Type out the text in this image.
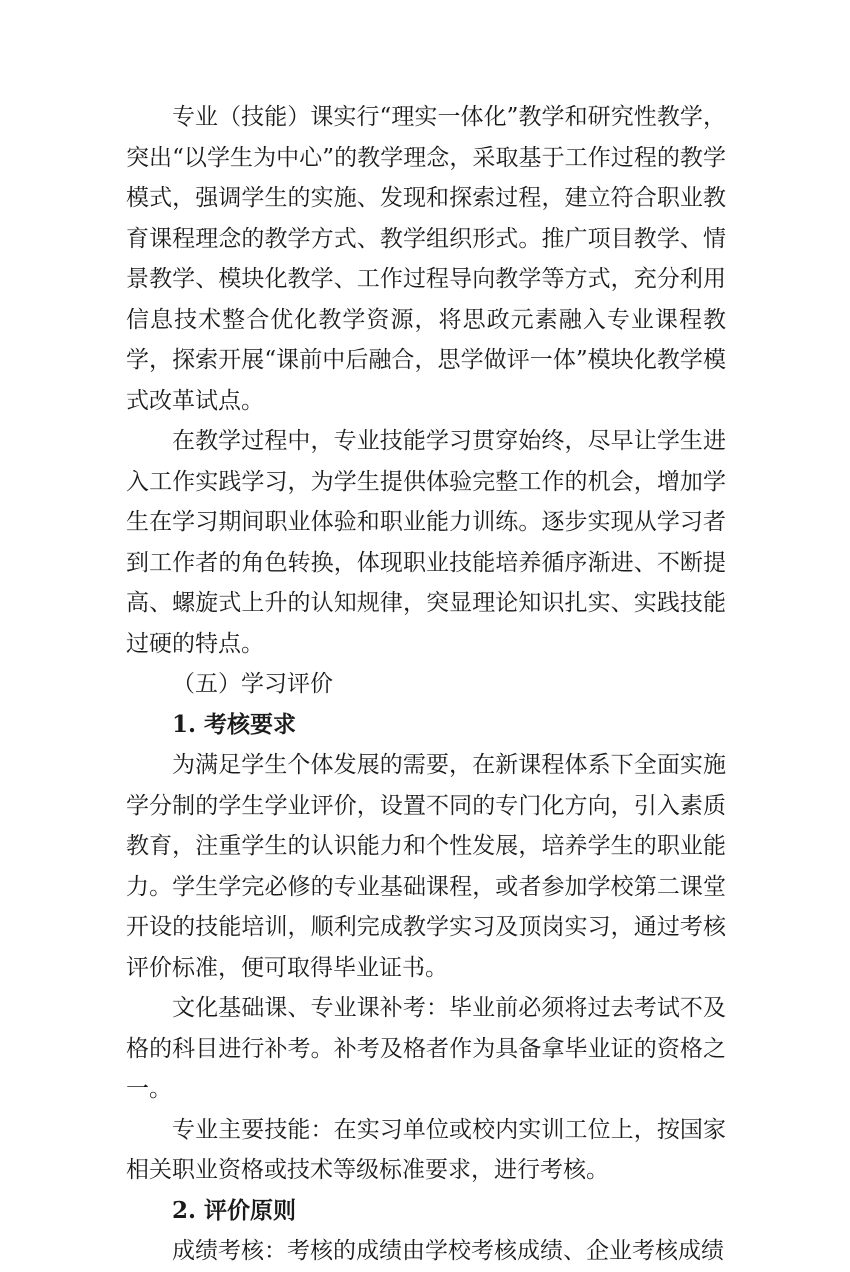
专业（技能）课实行“理实一体化”教学和研究性教学，突出“以学生为中心”的教学理念，采取基于工作过程的教学模式，强调学生的实施、发现和探索过程，建立符合职业教育课程理念的教学方式、教学组织形式。推广项目教学、情景教学、模块化教学、工作过程导向教学等方式，充分利用信息技术整合优化教学资源，将思政元素融入专业课程教学，探索开展“课前中后融合，思学做评一体”模块化教学模式改革试点。

在教学过程中，专业技能学习贯穿始终，尽早让学生进入工作实践学习，为学生提供体验完整工作的机会，增加学生在学习期间职业体验和职业能力训练。逐步实现从学习者到工作者的角色转换，体现职业技能培养循序渐进、不断提高、螺旋式上升的认知规律，突显理论知识扎实、实践技能过硬的特点。

（五）学习评价

1. 考核要求

为满足学生个体发展的需要，在新课程体系下全面实施学分制的学生学业评价，设置不同的专门化方向，引入素质教育，注重学生的认识能力和个性发展，培养学生的职业能力。学生学完必修的专业基础课程，或者参加学校第二课堂开设的技能培训，顺利完成教学实习及顶岗实习，通过考核评价标准，便可取得毕业证书。

文化基础课、专业课补考：毕业前必须将过去考试不及格的科目进行补考。补考及格者作为具备拿毕业证的资格之一。

专业主要技能：在实习单位或校内实训工位上，按国家相关职业资格或技术等级标准要求，进行考核。

2. 评价原则

成绩考核：考核的成绩由学校考核成绩、企业考核成绩
